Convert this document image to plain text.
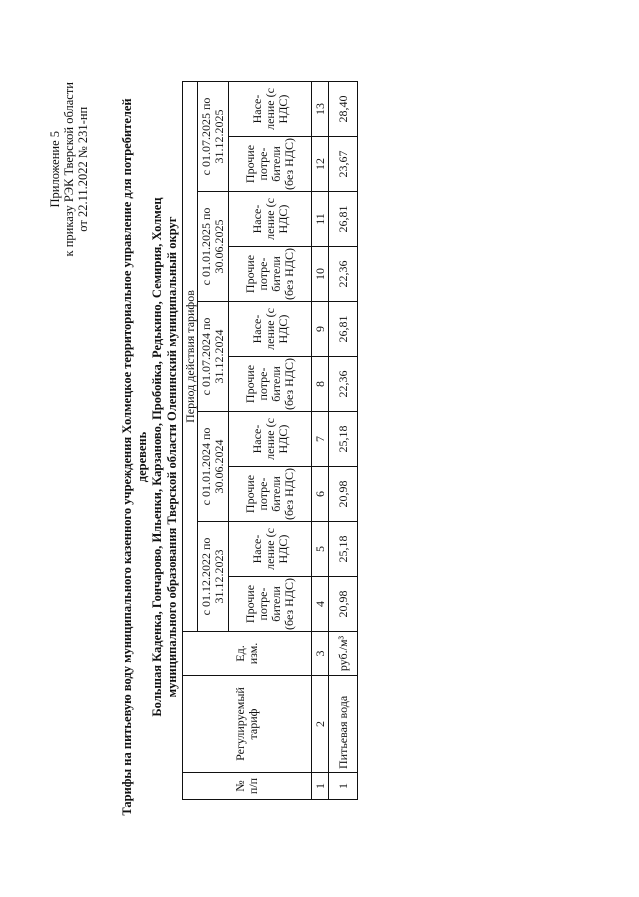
Приложение 5 к приказу РЭК Тверской области от 22.11.2022 № 231-нп Тарифы на питьевую воду муниципального казенного учреждения Холмецкое территориальное управление для потребителей деревень Большая Каденка, Гончарово, Ильенки, Карзаново, Пробойка, Редькино, Семирия, Холмец муниципального образования Тверской области Оленинский муниципальный округ
№ п/п	Регулируемый тариф	Ед. изм.	Период действия тарифов									
			с 01.12.2022 по 31.12.2023		с 01.01.2024 по 30.06.2024		с 01.07.2024 по 31.12.2024		с 01.01.2025 по 30.06.2025		с 01.07.2025 по 31.12.2025	
			Прочие потре-бители (без НДС)	Насе-ление (с НДС)	Прочие потре-бители (без НДС)	Насе-ление (с НДС)	Прочие потре-бители (без НДС)	Насе-ление (с НДС)	Прочие потре-бители (без НДС)	Насе-ление (с НДС)	Прочие потре-бители (без НДС)	Насе-ление (с НДС)
1	2	3	4	5	6	7	8	9	10	11	12	13
1	Питьевая вода	руб./м³	20,98	25,18	20,98	25,18	22,36	26,81	22,36	26,81	23,67	28,40
